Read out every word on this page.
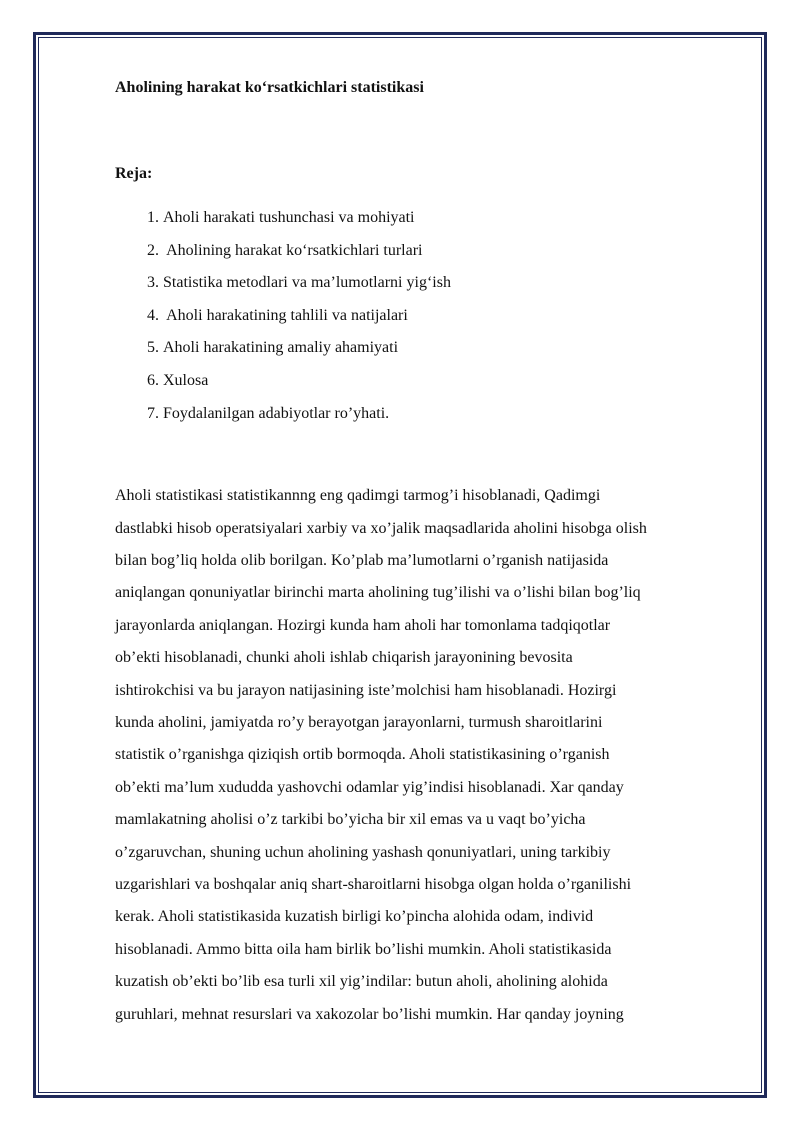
Aholining harakat ko‘rsatkichlari statistikasi

Reja:

1. Aholi harakati tushunchasi va mohiyati
2. Aholining harakat ko‘rsatkichlari turlari
3. Statistika metodlari va ma’lumotlarni yig‘ish
4. Aholi harakatining tahlili va natijalari
5. Aholi harakatining amaliy ahamiyati
6. Xulosa
7. Foydalanilgan adabiyotlar ro’yhati.

Aholi statistikasi statistikannng eng qadimgi tarmog’i hisoblanadi, Qadimgi
dastlabki hisob operatsiyalari xarbiy va xo’jalik maqsadlarida aholini hisobga olish
bilan bog’liq holda olib borilgan. Ko’plab ma’lumotlarni o’rganish natijasida
aniqlangan qonuniyatlar birinchi marta aholining tug’ilishi va o’lishi bilan bog’liq
jarayonlarda aniqlangan. Hozirgi kunda ham aholi har tomonlama tadqiqotlar
ob’ekti hisoblanadi, chunki aholi ishlab chiqarish jarayonining bevosita
ishtirokchisi va bu jarayon natijasining iste’molchisi ham hisoblanadi. Hozirgi
kunda aholini, jamiyatda ro’y berayotgan jarayonlarni, turmush sharoitlarini
statistik o’rganishga qiziqish ortib bormoqda. Aholi statistikasining o’rganish
ob’ekti ma’lum xududda yashovchi odamlar yig’indisi hisoblanadi. Xar qanday
mamlakatning aholisi o’z tarkibi bo’yicha bir xil emas va u vaqt bo’yicha
o’zgaruvchan, shuning uchun aholining yashash qonuniyatlari, uning tarkibiy
uzgarishlari va boshqalar aniq shart-sharoitlarni hisobga olgan holda o’rganilishi
kerak. Aholi statistikasida kuzatish birligi ko’pincha alohida odam, individ
hisoblanadi. Ammo bitta oila ham birlik bo’lishi mumkin. Aholi statistikasida
kuzatish ob’ekti bo’lib esa turli xil yig’indilar: butun aholi, aholining alohida
guruhlari, mehnat resurslari va xakozolar bo’lishi mumkin. Har qanday joyning
